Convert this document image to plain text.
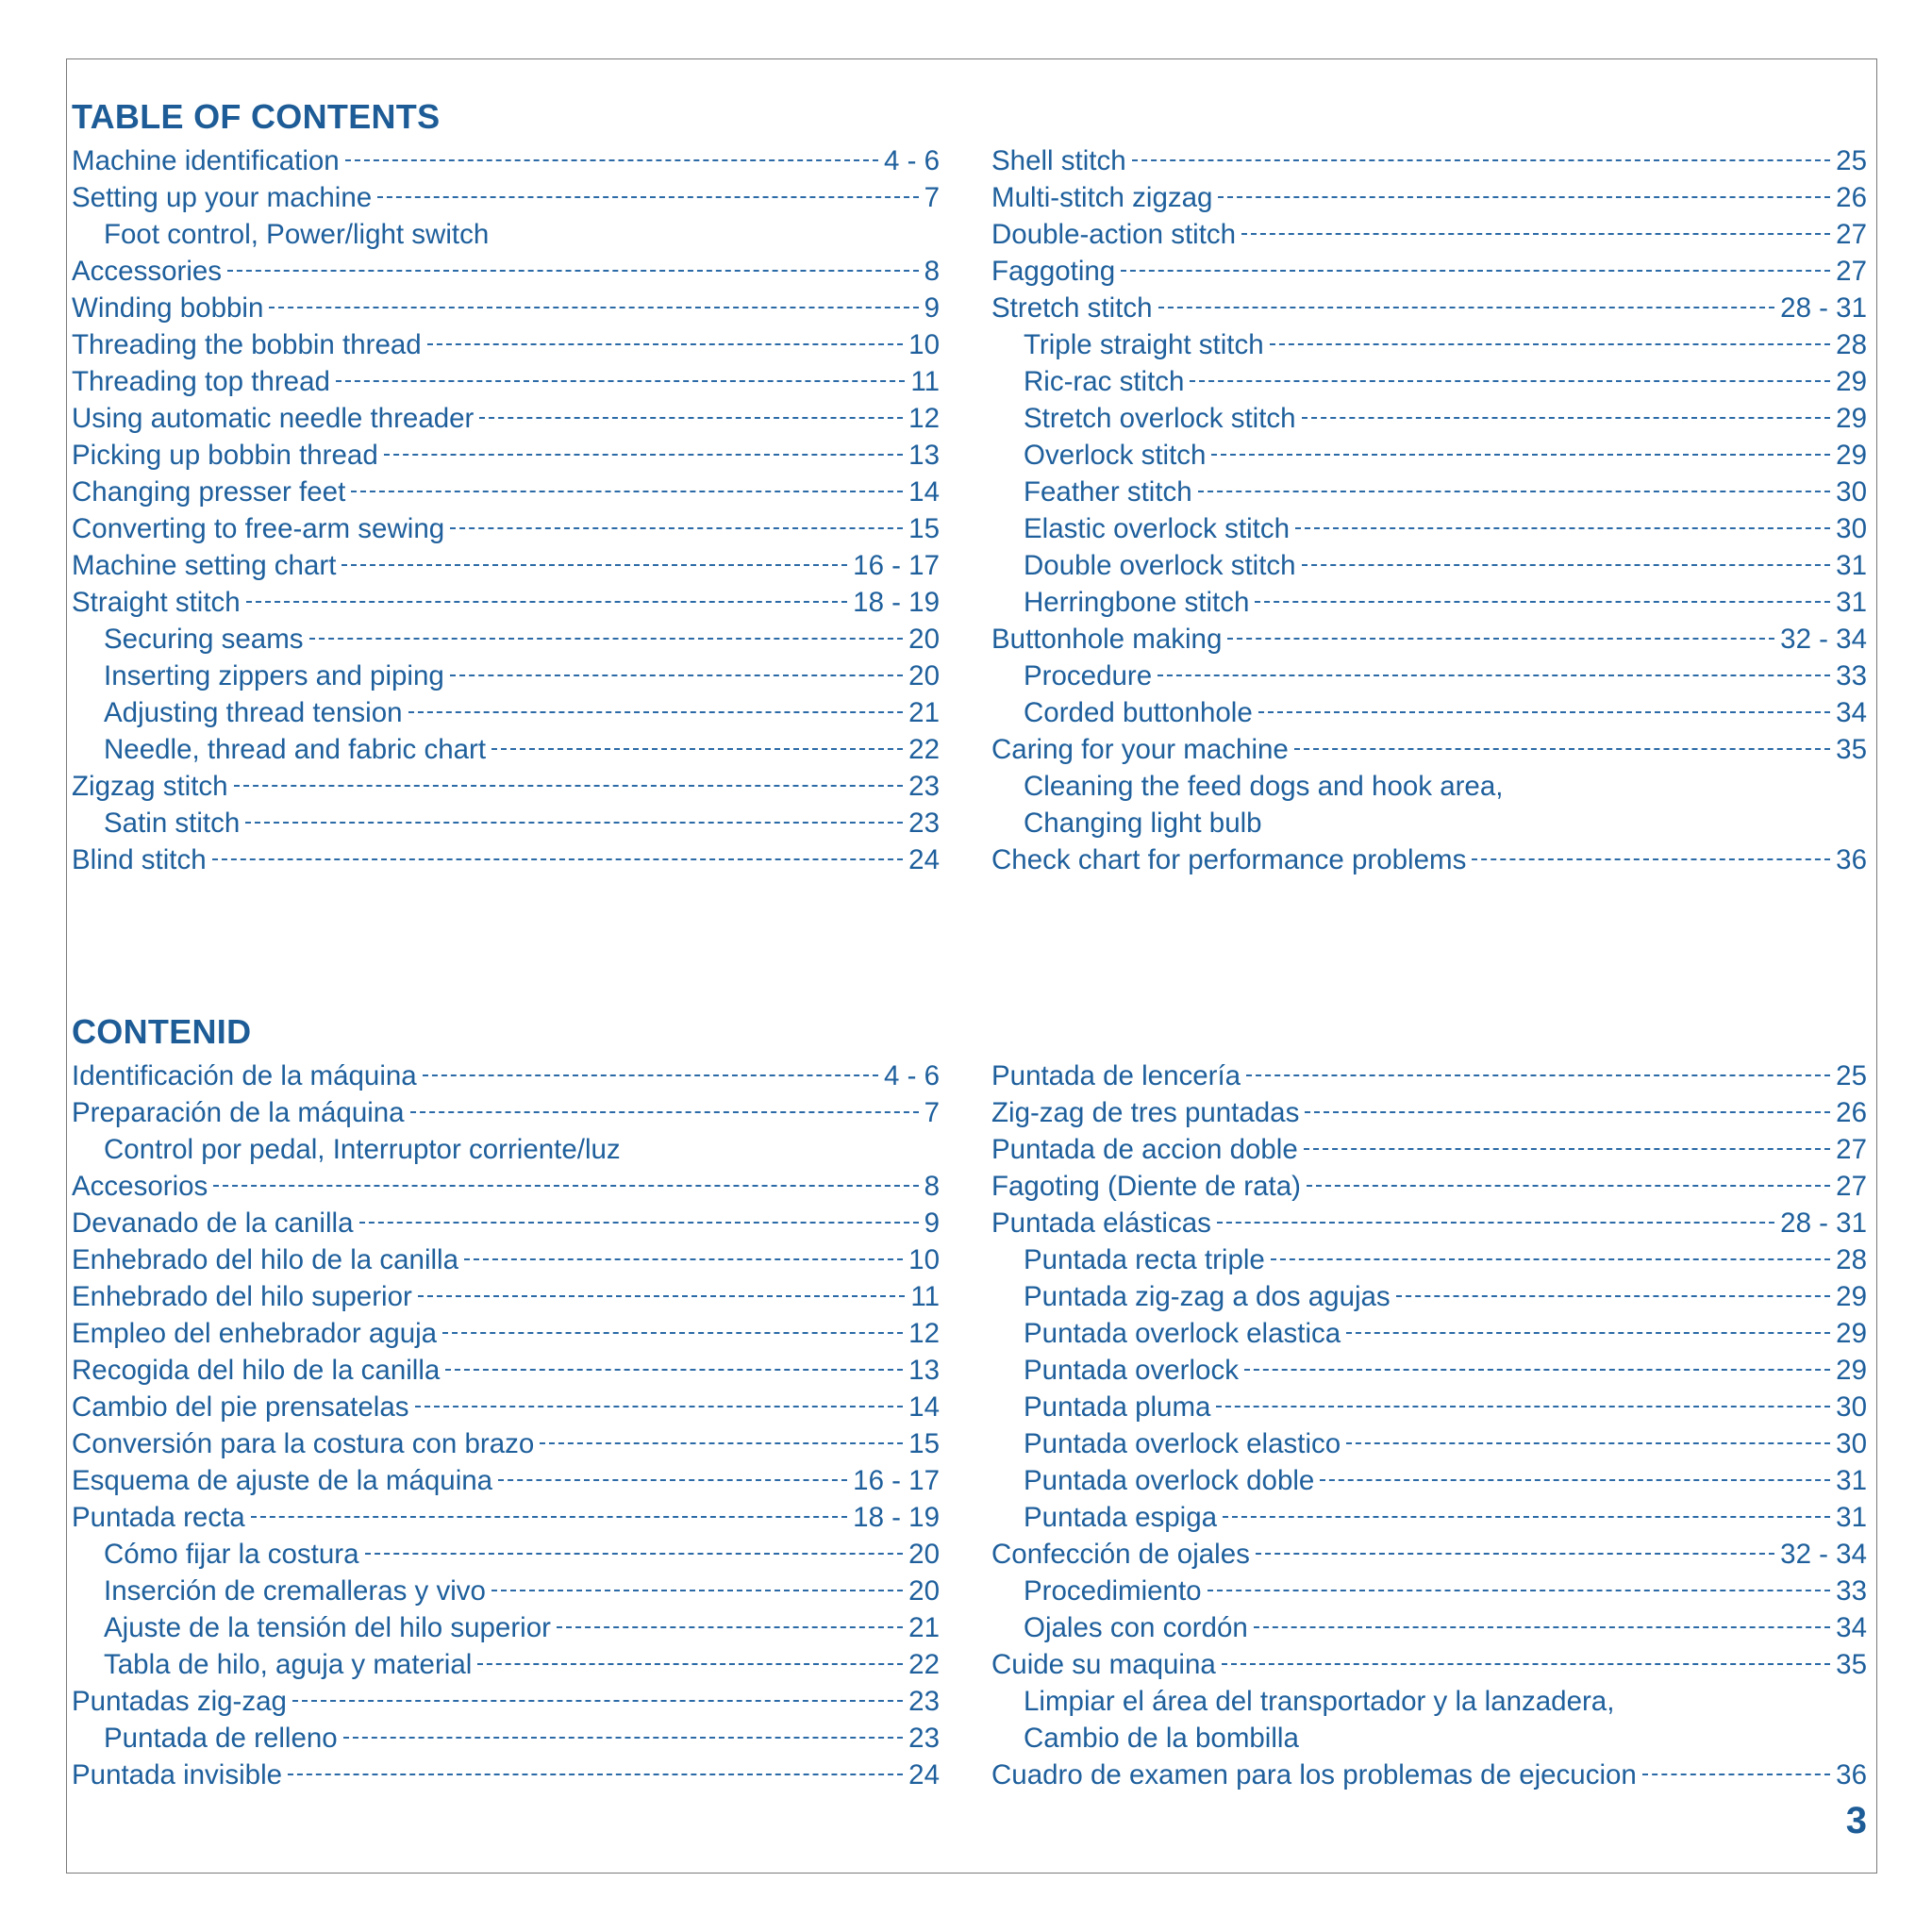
TABLE OF CONTENTS
Machine identification	4 - 6
Setting up your machine	7
Foot control, Power/light switch
Accessories	8
Winding bobbin	9
Threading the bobbin thread	10
Threading top thread	11
Using automatic needle threader	12
Picking up bobbin thread	13
Changing presser feet	14
Converting to free-arm sewing	15
Machine setting chart	16 - 17
Straight stitch	18 - 19
Securing seams	20
Inserting zippers and piping	20
Adjusting thread tension	21
Needle, thread and fabric chart	22
Zigzag stitch	23
Satin stitch	23
Blind stitch	24
Shell stitch	25
Multi-stitch zigzag	26
Double-action stitch	27
Faggoting	27
Stretch stitch	28 - 31
Triple straight stitch	28
Ric-rac stitch	29
Stretch overlock stitch	29
Overlock stitch	29
Feather stitch	30
Elastic overlock stitch	30
Double overlock stitch	31
Herringbone stitch	31
Buttonhole making	32 - 34
Procedure	33
Corded buttonhole	34
Caring for your machine	35
Cleaning the feed dogs and hook area,
Changing light bulb
Check chart for performance problems	36
CONTENID
Identificación de la máquina	4 - 6
Preparación de la máquina	7
Control por pedal, Interruptor corriente/luz
Accesorios	8
Devanado de la canilla	9
Enhebrado del hilo de la canilla	10
Enhebrado del hilo superior	11
Empleo del enhebrador aguja	12
Recogida del hilo de la canilla	13
Cambio del pie prensatelas	14
Conversión para la costura con brazo	15
Esquema de ajuste de la máquina	16 - 17
Puntada recta	18 - 19
Cómo fijar la costura	20
Inserción de cremalleras y vivo	20
Ajuste de la tensión del hilo superior	21
Tabla de hilo, aguja y material	22
Puntadas zig-zag	23
Puntada de relleno	23
Puntada invisible	24
Puntada de lencería	25
Zig-zag de tres puntadas	26
Puntada de accion doble	27
Fagoting (Diente de rata)	27
Puntada elásticas	28 - 31
Puntada recta triple	28
Puntada zig-zag a dos agujas	29
Puntada overlock elastica	29
Puntada overlock	29
Puntada pluma	30
Puntada overlock elastico	30
Puntada overlock doble	31
Puntada espiga	31
Confección de ojales	32 - 34
Procedimiento	33
Ojales con cordón	34
Cuide su maquina	35
Limpiar el área del transportador y la lanzadera,
Cambio de la bombilla
Cuadro de examen para los problemas de ejecucion	36
3
